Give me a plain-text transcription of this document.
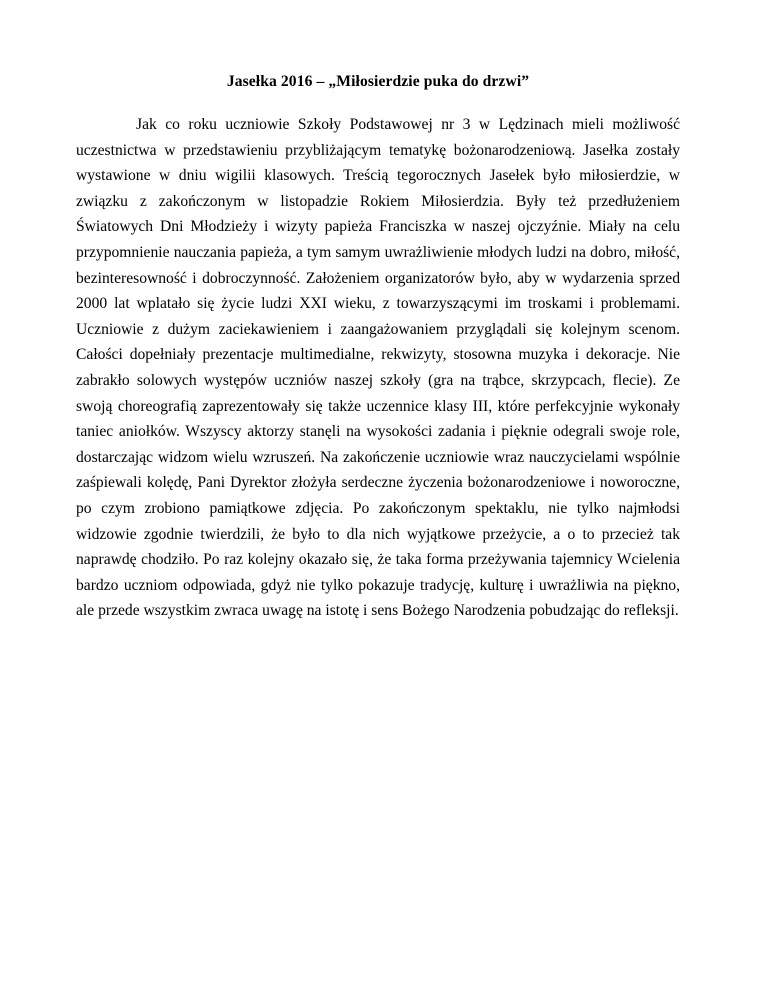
Jasełka 2016 – „Miłosierdzie puka do drzwi”

Jak co roku uczniowie Szkoły Podstawowej nr 3 w Lędzinach mieli możliwość uczestnictwa w przedstawieniu przybliżającym tematykę bożonarodzeniową. Jasełka zostały wystawione w dniu wigilii klasowych. Treścią tegorocznych Jasełek było miłosierdzie, w związku z zakończonym w listopadzie Rokiem Miłosierdzia. Były też przedłużeniem Światowych Dni Młodzieży i wizyty papieża Franciszka w naszej ojczyźnie. Miały na celu przypomnienie nauczania papieża, a tym samym uwrażliwienie młodych ludzi na dobro, miłość, bezinteresowność i dobroczynność. Założeniem organizatorów było, aby w wydarzenia sprzed 2000 lat wplatało się życie ludzi XXI wieku, z towarzyszącymi im troskami i problemami. Uczniowie z dużym zaciekawieniem i zaangażowaniem przyglądali się kolejnym scenom. Całości dopełniały prezentacje multimedialne, rekwizyty, stosowna muzyka i dekoracje. Nie zabrakło solowych występów uczniów naszej szkoły (gra na trąbce, skrzypcach, flecie). Ze swoją choreografią zaprezentowały się także uczennice klasy III, które perfekcyjnie wykonały taniec aniołków. Wszyscy aktorzy stanęli na wysokości zadania i pięknie odegrali swoje role, dostarczając widzom wielu wzruszeń. Na zakończenie uczniowie wraz nauczycielami wspólnie zaśpiewali kolędę, Pani Dyrektor złożyła serdeczne życzenia bożonarodzeniowe i noworoczne, po czym zrobiono pamiątkowe zdjęcia. Po zakończonym spektaklu, nie tylko najmłodsi widzowie zgodnie twierdzili, że było to dla nich wyjątkowe przeżycie, a o to przecież tak naprawdę chodziło. Po raz kolejny okazało się, że taka forma przeżywania tajemnicy Wcielenia bardzo uczniom odpowiada, gdyż nie tylko pokazuje tradycję, kulturę i uwrażliwia na piękno, ale przede wszystkim zwraca uwagę na istotę i sens Bożego Narodzenia pobudzając do refleksji.
